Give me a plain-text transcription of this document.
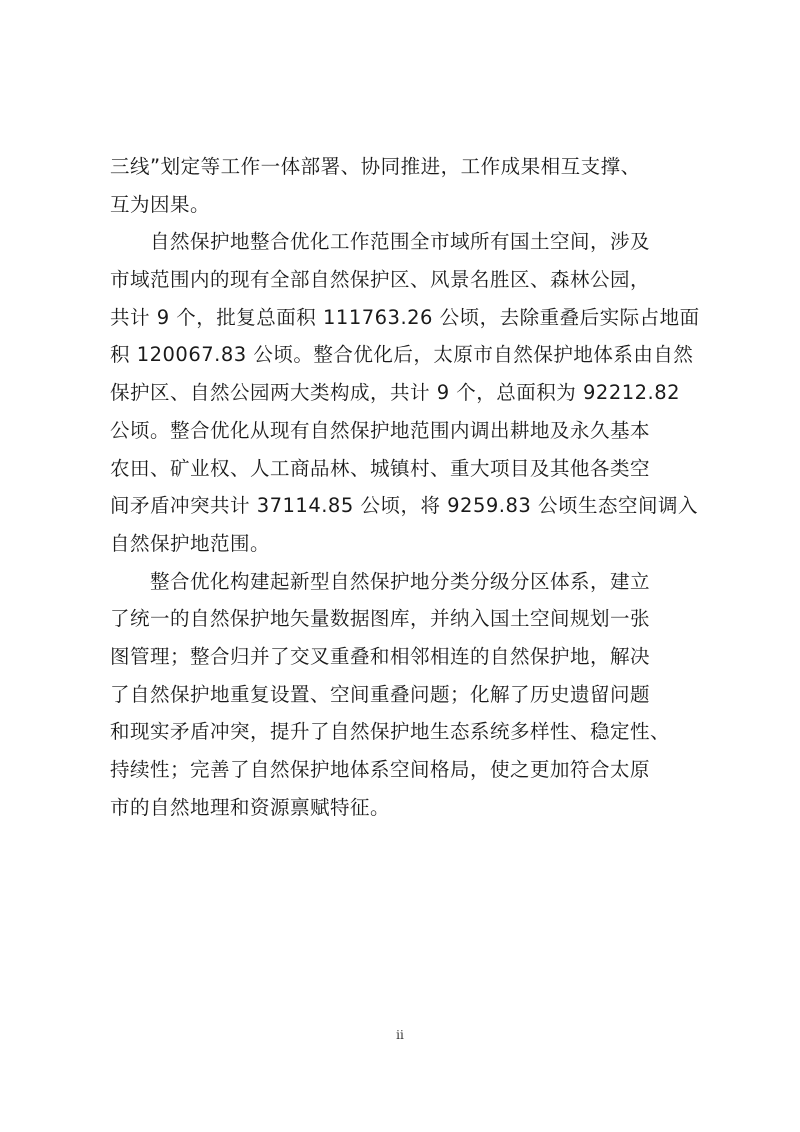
三线”划定等工作一体部署、协同推进，工作成果相互支撑、
互为因果。
自然保护地整合优化工作范围全市域所有国土空间，涉及
市域范围内的现有全部自然保护区、风景名胜区、森林公园，
共计 9 个，批复总面积 111763.26 公顷，去除重叠后实际占地面
积 120067.83 公顷。整合优化后，太原市自然保护地体系由自然
保护区、自然公园两大类构成，共计 9 个，总面积为 92212.82
公顷。整合优化从现有自然保护地范围内调出耕地及永久基本
农田、矿业权、人工商品林、城镇村、重大项目及其他各类空
间矛盾冲突共计 37114.85 公顷，将 9259.83 公顷生态空间调入
自然保护地范围。
整合优化构建起新型自然保护地分类分级分区体系，建立
了统一的自然保护地矢量数据图库，并纳入国土空间规划一张
图管理；整合归并了交叉重叠和相邻相连的自然保护地，解决
了自然保护地重复设置、空间重叠问题；化解了历史遗留问题
和现实矛盾冲突，提升了自然保护地生态系统多样性、稳定性、
持续性；完善了自然保护地体系空间格局，使之更加符合太原
市的自然地理和资源禀赋特征。
ii
